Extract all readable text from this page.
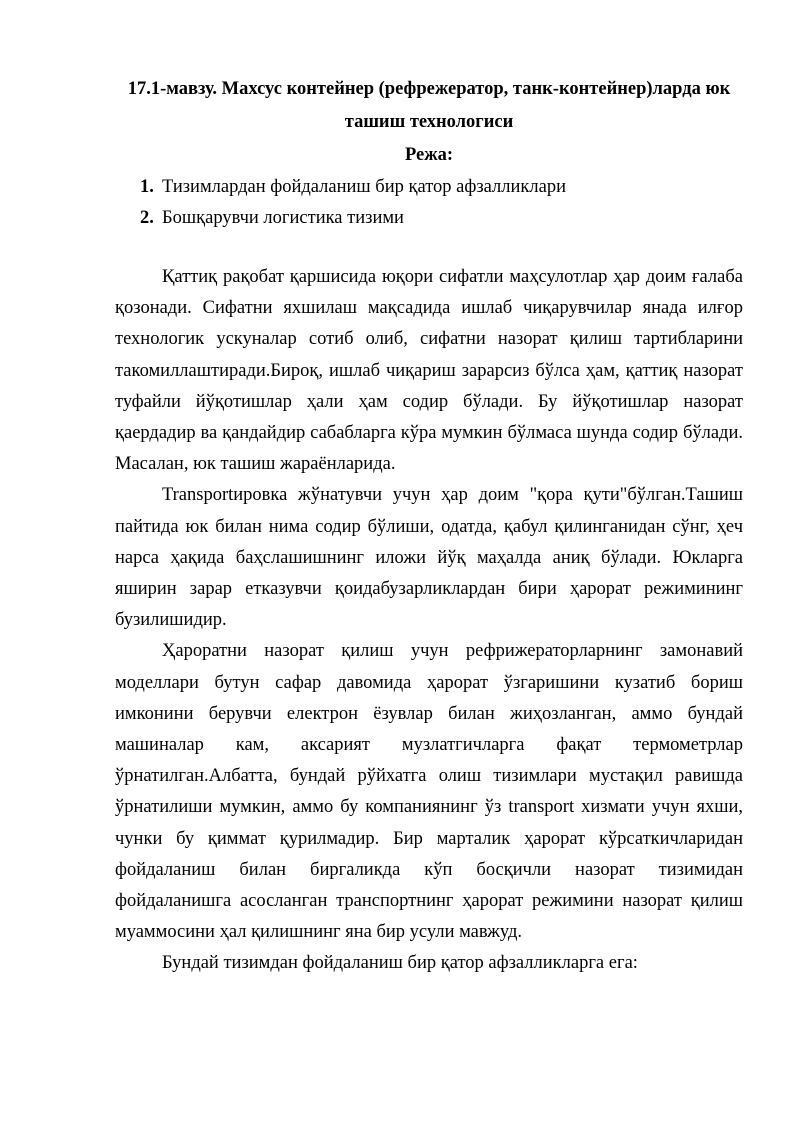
17.1-мавзу. Махсус контейнер (рефрежератор, танк-контейнер)ларда юк ташиш технологиси
Режа:
1. Тизимлардан фойдаланиш бир қатор афзалликлари
2. Бошқарувчи логистика тизими

Қаттиқ рақобат қаршисида юқори сифатли маҳсулотлар ҳар доим ғалаба қозонади. Сифатни яхшилаш мақсадида ишлаб чиқарувчилар янада илғор технологик ускуналар сотиб олиб, сифатни назорат қилиш тартибларини такомиллаштиради.Бироқ, ишлаб чиқариш зарарсиз бўлса ҳам, қаттиқ назорат туфайли йўқотишлар ҳали ҳам содир бўлади. Бу йўқотишлар назорат қаердадир ва қандайдир сабабларга кўра мумкин бўлмаса шунда содир бўлади. Масалан, юк ташиш жараёнларида.

Transportировка жўнатувчи учун ҳар доим "қора қути"бўлган.Ташиш пайтида юк билан нима содир бўлиши, одатда, қабул қилинганидан сўнг, ҳеч нарса ҳақида баҳслашишнинг иложи йўқ маҳалда аниқ бўлади. Юкларга яширин зарар етказувчи қоидабузарликлардан бири ҳарорат режимининг бузилишидир.

Ҳароратни назорат қилиш учун рефрижераторларнинг замонавий моделлари бутун сафар давомида ҳарорат ўзгаришини кузатиб бориш имконини берувчи електрон ёзувлар билан жиҳозланган, аммо бундай машиналар кам, аксарият музлатгичларга фақат термометрлар ўрнатилган.Албатта, бундай рўйхатга олиш тизимлари мустақил равишда ўрнатилиши мумкин, аммо бу компаниянинг ўз transport хизмати учун яхши, чунки бу қиммат қурилмадир. Бир марталик ҳарорат кўрсаткичларидан фойдаланиш билан биргаликда кўп босқичли назорат тизимидан фойдаланишга асосланган транспортнинг ҳарорат режимини назорат қилиш муаммосини ҳал қилишнинг яна бир усули мавжуд.

Бундай тизимдан фойдаланиш бир қатор афзалликларга ега:
